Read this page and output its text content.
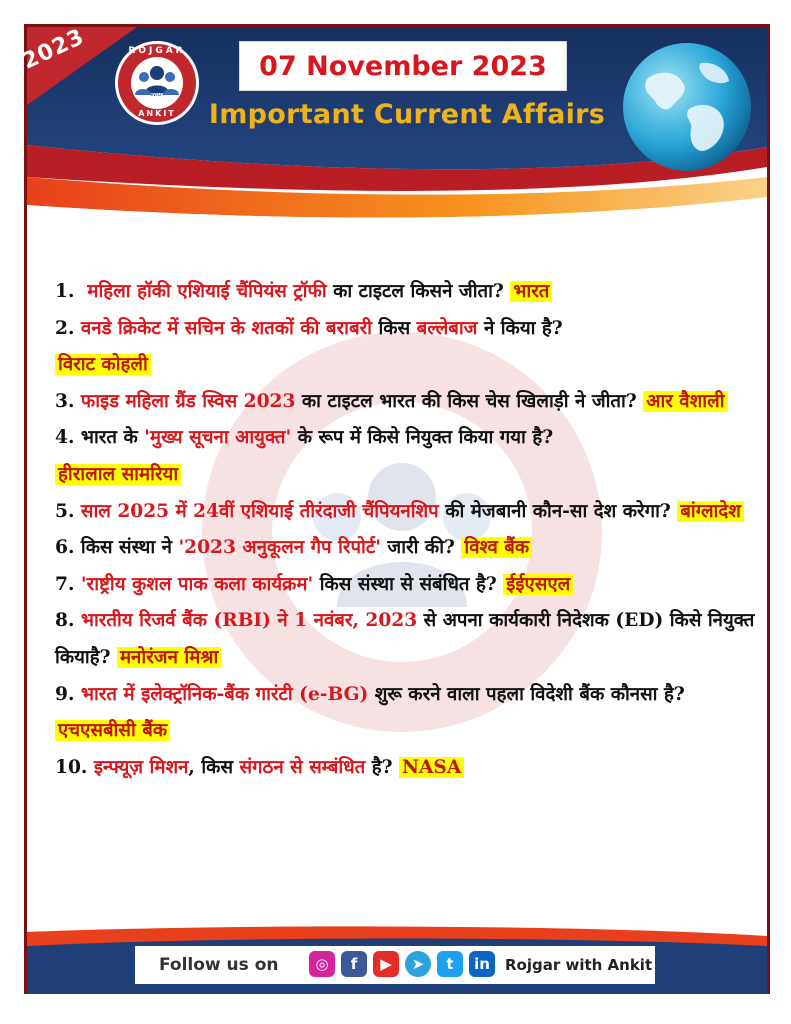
2023	ROJGAR
With
ANKIT
07 November 2023
Important Current Affairs

1. महिला हॉकी एशियाई चैंपियंस ट्रॉफी का टाइटल किसने जीता? भारत

2. वनडे क्रिकेट में सचिन के शतकों की बराबरी किस बल्लेबाज ने किया है?
विराट कोहली

3. फाइड महिला ग्रैंड स्विस 2023 का टाइटल भारत की किस चेस खिलाड़ी ने जीता? आर वैशाली

4. भारत के 'मुख्य सूचना आयुक्त' के रूप में किसे नियुक्त किया गया है?
हीरालाल सामरिया

5. साल 2025 में 24वीं एशियाई तीरंदाजी चैंपियनशिप की मेजबानी कौन-सा देश करेगा? बांग्लादेश

6. किस संस्था ने '2023 अनुकूलन गैप रिपोर्ट' जारी की? विश्व बैंक

7. 'राष्ट्रीय कुशल पाक कला कार्यक्रम' किस संस्था से संबंधित है? ईईएसएल

8. भारतीय रिजर्व बैंक (RBI) ने 1 नवंबर, 2023 से अपना कार्यकारी निदेशक (ED) किसे नियुक्त कियाहै? मनोरंजन मिश्रा

9. भारत में इलेक्ट्रॉनिक-बैंक गारंटी (e-BG) शुरू करने वाला पहला विदेशी बैंक कौनसा है? एचएसबीसी बैंक

10. इन्फ्यूज़ मिशन, किस संगठन से सम्बंधित है? NASA

Follow us on	◎	f	▶	➤	t	in	Rojgar with Ankit
